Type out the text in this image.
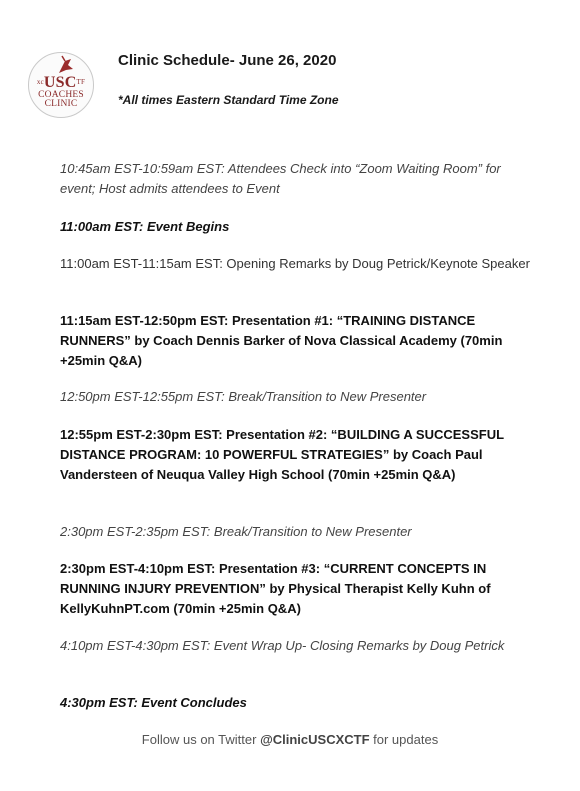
xcUSCTF
COACHES
CLINIC
Clinic Schedule- June 26, 2020
*All times Eastern Standard Time Zone

10:45am EST-10:59am EST: Attendees Check into “Zoom Waiting Room” for event; Host admits attendees to Event

11:00am EST: Event Begins

11:00am EST-11:15am EST: Opening Remarks by Doug Petrick/Keynote Speaker

11:15am EST-12:50pm EST: Presentation #1: “TRAINING DISTANCE RUNNERS” by Coach Dennis Barker of Nova Classical Academy (70min +25min Q&A)

12:50pm EST-12:55pm EST: Break/Transition to New Presenter

12:55pm EST-2:30pm EST: Presentation #2: “BUILDING A SUCCESSFUL DISTANCE PROGRAM: 10 POWERFUL STRATEGIES” by Coach Paul Vandersteen of Neuqua Valley High School (70min +25min Q&A)

2:30pm EST-2:35pm EST: Break/Transition to New Presenter

2:30pm EST-4:10pm EST: Presentation #3: “CURRENT CONCEPTS IN RUNNING INJURY PREVENTION” by Physical Therapist Kelly Kuhn of KellyKuhnPT.com (70min +25min Q&A)

4:10pm EST-4:30pm EST: Event Wrap Up- Closing Remarks by Doug Petrick

4:30pm EST: Event Concludes

Follow us on Twitter @ClinicUSCXCTF for updates
